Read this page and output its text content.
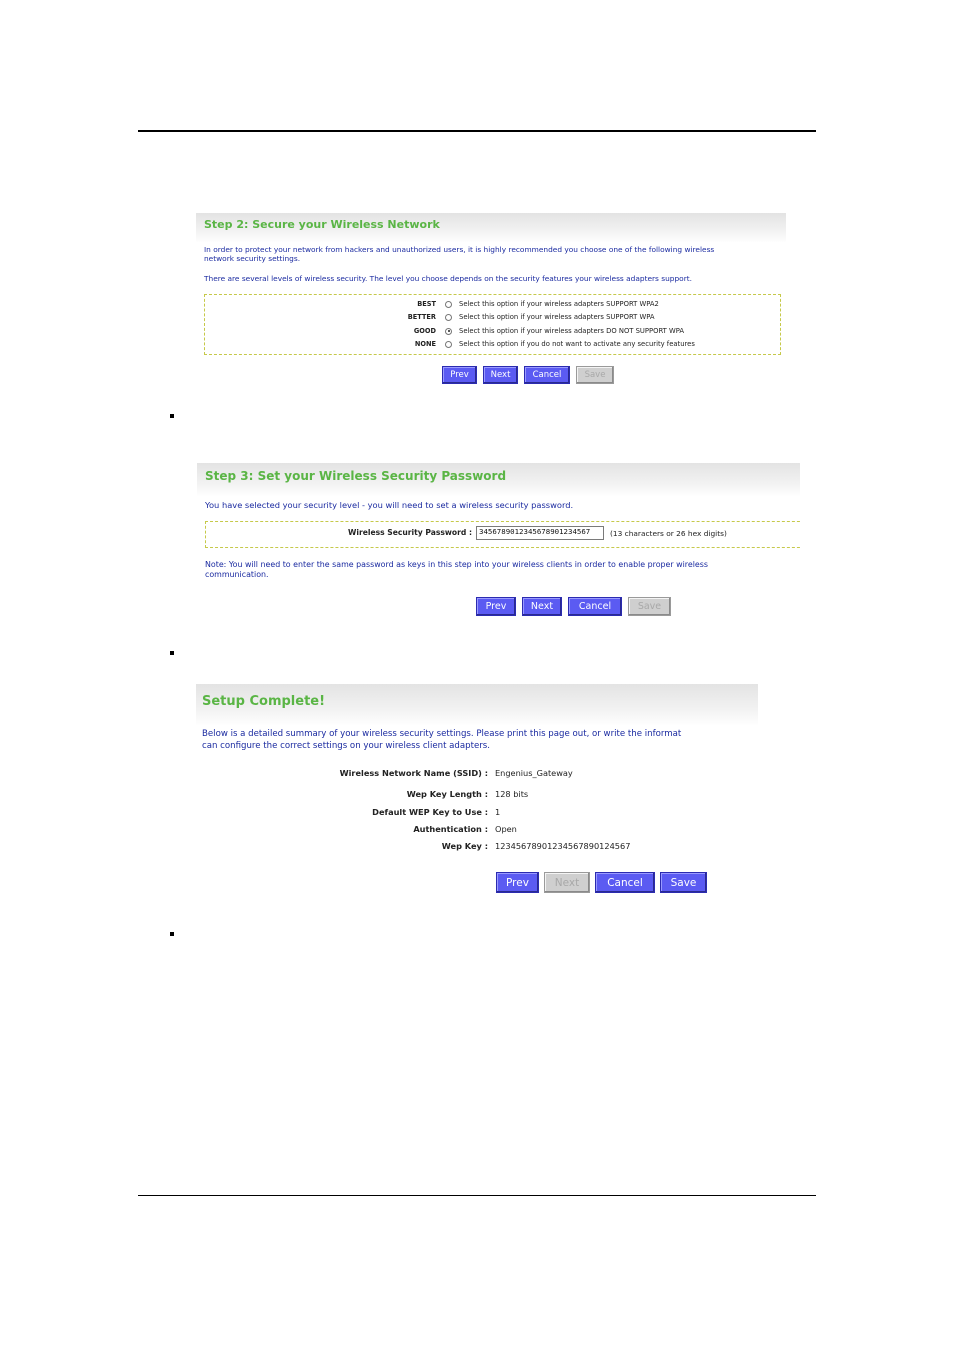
Step 2: Secure your Wireless Network

In order to protect your network from hackers and unauthorized users, it is highly recommended you choose one of the following wireless

network security settings.

There are several levels of wireless security. The level you choose depends on the security features your wireless adapters support.

BEST	Select this option if your wireless adapters SUPPORT WPA2
BETTER	Select this option if your wireless adapters SUPPORT WPA
GOOD	Select this option if your wireless adapters DO NOT SUPPORT WPA
NONE	Select this option if you do not want to activate any security features
Prev	Next	Cancel	Save

Step 3: Set your Wireless Security Password

You have selected your security level - you will need to set a wireless security password.

Wireless Security Password : 3456789012345678901234567	(13 characters or 26 hex digits)

Note: You will need to enter the same password as keys in this step into your wireless clients in order to enable proper wireless

communication.

Prev	Next	Cancel	Save

Setup Complete!

Below is a detailed summary of your wireless security settings. Please print this page out, or write the informat

can configure the correct settings on your wireless client adapters.

Wireless Network Name (SSID) : Engenius_Gateway
Wep Key Length : 128 bits
Default WEP Key to Use : 1
Authentication : Open
Wep Key : 12345678901234567890124567
Prev	Next	Cancel	Save
